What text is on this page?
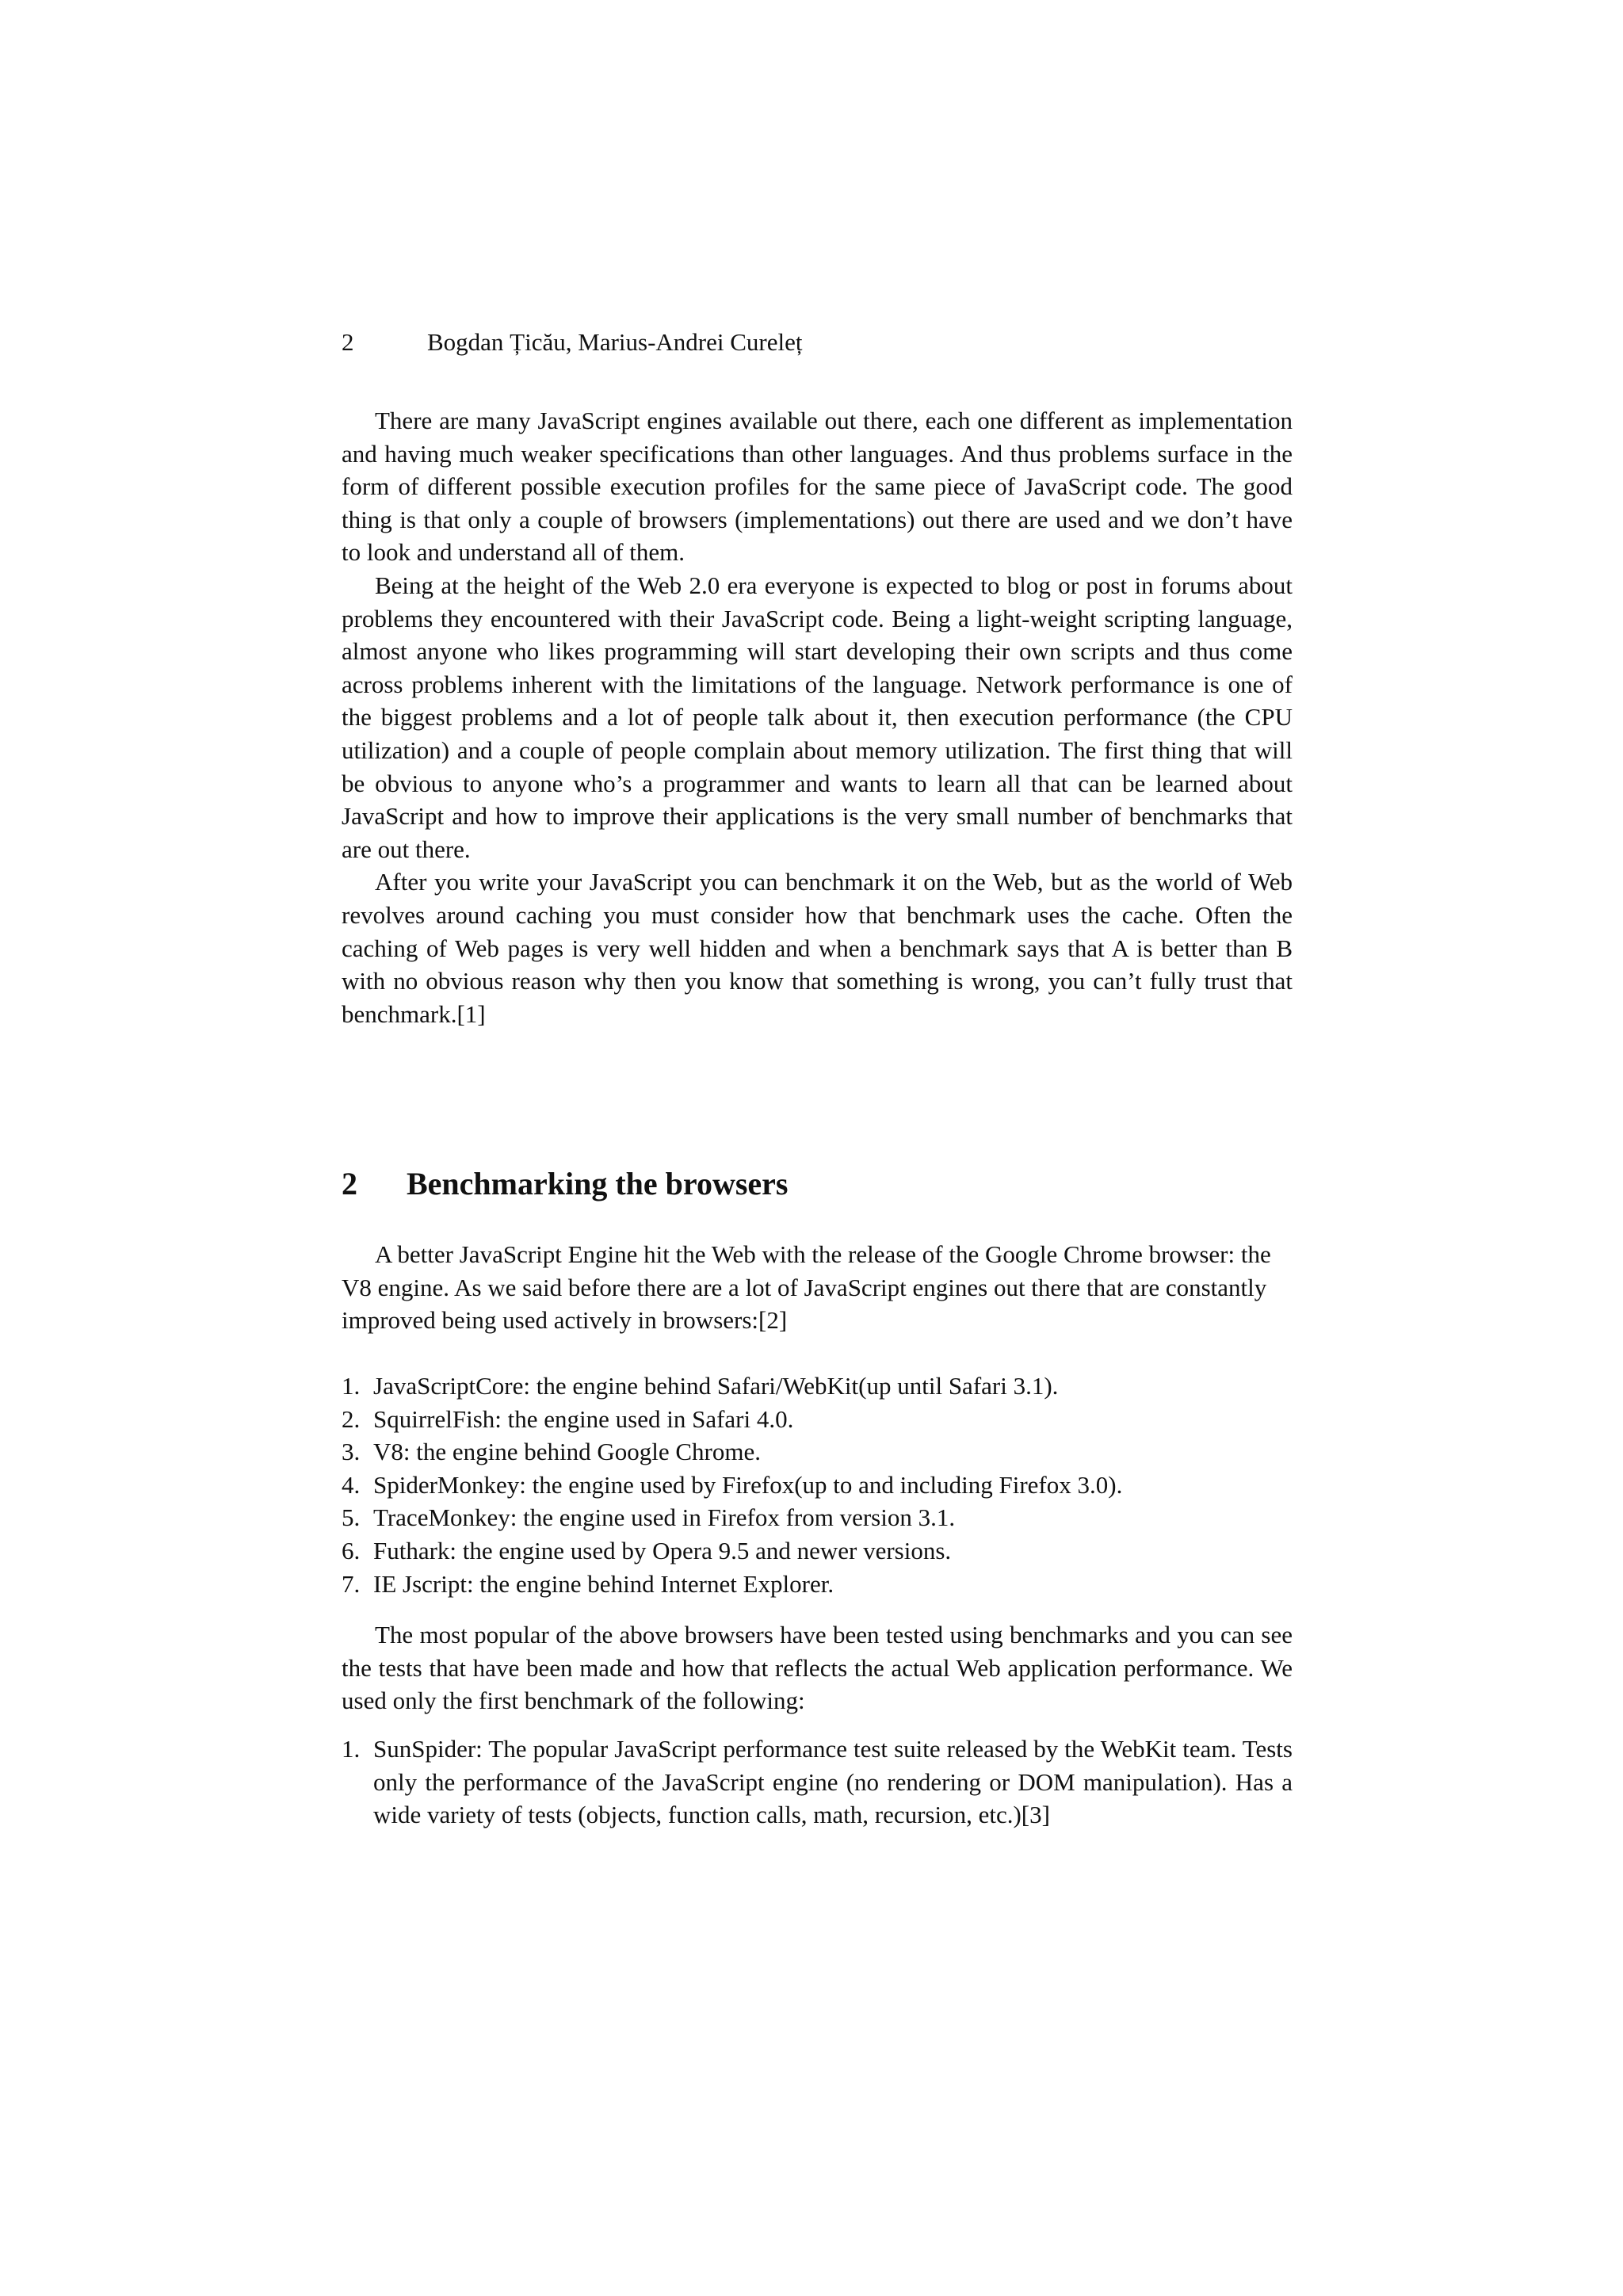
2	Bogdan Țicău, Marius-Andrei Cureleț

There are many JavaScript engines available out there, each one different as implementation and having much weaker specifications than other languages. And thus problems surface in the form of different possible execution profiles for the same piece of JavaScript code. The good thing is that only a couple of browsers (implementations) out there are used and we don’t have to look and understand all of them.

Being at the height of the Web 2.0 era everyone is expected to blog or post in forums about problems they encountered with their JavaScript code. Being a light-weight scripting language, almost anyone who likes programming will start developing their own scripts and thus come across problems inherent with the limitations of the language. Network performance is one of the biggest problems and a lot of people talk about it, then execution performance (the CPU utilization) and a couple of people complain about memory utilization. The first thing that will be obvious to anyone who’s a programmer and wants to learn all that can be learned about JavaScript and how to improve their applications is the very small number of benchmarks that are out there.

After you write your JavaScript you can benchmark it on the Web, but as the world of Web revolves around caching you must consider how that benchmark uses the cache. Often the caching of Web pages is very well hidden and when a benchmark says that A is better than B with no obvious reason why then you know that something is wrong, you can’t fully trust that benchmark.[1]

2 Benchmarking the browsers

A better JavaScript Engine hit the Web with the release of the Google Chrome browser: the V8 engine. As we said before there are a lot of JavaScript engines out there that are constantly improved being used actively in browsers:[2]

1. JavaScriptCore: the engine behind Safari/WebKit(up until Safari 3.1).
2. SquirrelFish: the engine used in Safari 4.0.
3. V8: the engine behind Google Chrome.
4. SpiderMonkey: the engine used by Firefox(up to and including Firefox 3.0).
5. TraceMonkey: the engine used in Firefox from version 3.1.
6. Futhark: the engine used by Opera 9.5 and newer versions.
7. IE Jscript: the engine behind Internet Explorer.

The most popular of the above browsers have been tested using benchmarks and you can see the tests that have been made and how that reflects the actual Web application performance. We used only the first benchmark of the following:

1. SunSpider: The popular JavaScript performance test suite released by the WebKit team. Tests only the performance of the JavaScript engine (no rendering or DOM manipulation). Has a wide variety of tests (objects, function calls, math, recursion, etc.)[3]
